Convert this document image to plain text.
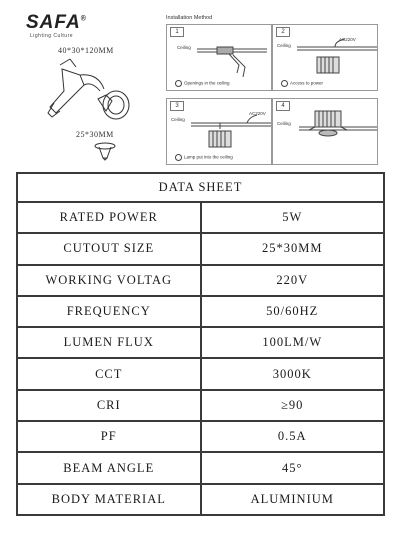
SAFA®
Lighting Culture
40*30*120MM
25*30MM
Installation Method
1
Ceiling
Openings in the ceiling
2
Ceiling
AC220V
Access to power
3
Ceiling
AC220V
Lamp put into the ceiling
4
Ceiling
DATA SHEET	
RATED POWER	5W
CUTOUT SIZE	25*30MM
WORKING VOLTAG	220V
FREQUENCY	50/60HZ
LUMEN FLUX	100LM/W
CCT	3000K
CRI	≥90
PF	0.5A
BEAM ANGLE	45°
BODY MATERIAL	ALUMINIUM
